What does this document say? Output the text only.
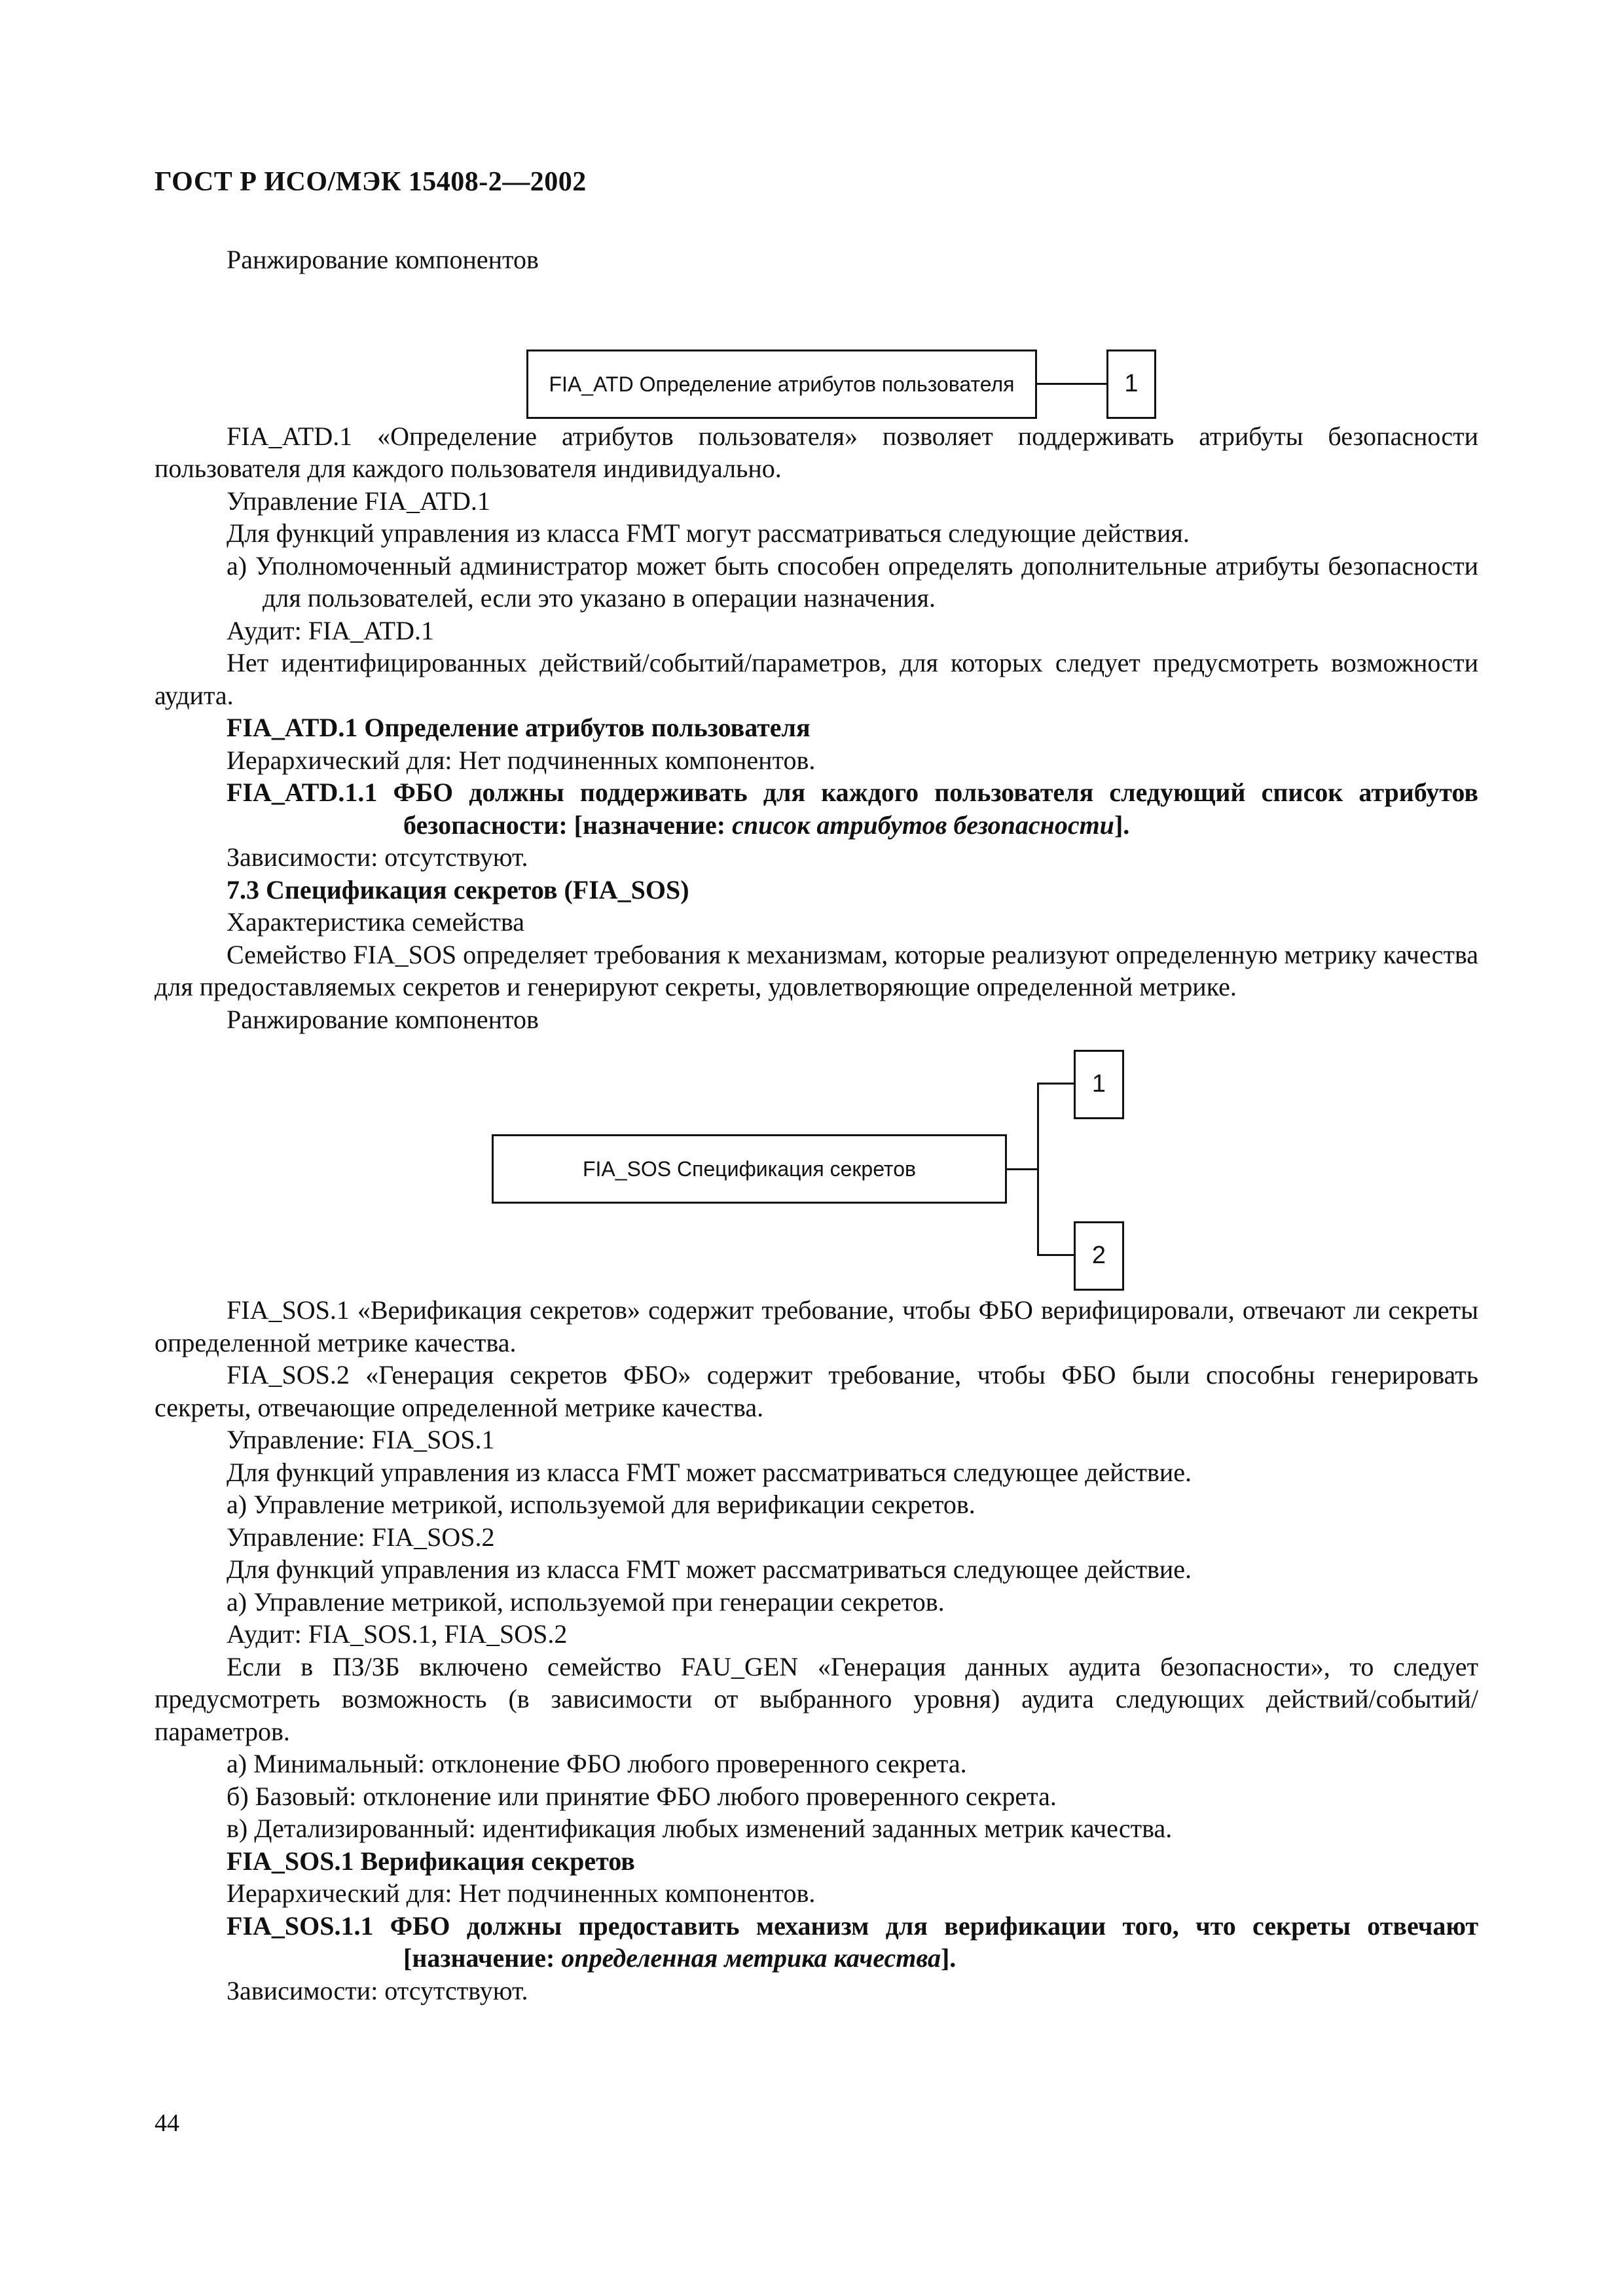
ГОСТ Р ИСО/МЭК 15408-2—2002

Ранжирование компонентов

FIA_ATD Определение атрибутов пользователя	1

FIA_ATD.1 «Определение атрибутов пользователя» позволяет поддерживать атрибуты безопасности пользователя для каждого пользователя индивидуально.

Управление FIA_ATD.1

Для функций управления из класса FMT могут рассматриваться следующие действия.

a) Уполномоченный администратор может быть способен определять дополнительные атрибуты безопасности для пользователей, если это указано в операции назначения.

Аудит: FIA_ATD.1

Нет идентифицированных действий/событий/параметров, для которых следует предусмотреть возможности аудита.

FIA_ATD.1 Определение атрибутов пользователя

Иерархический для: Нет подчиненных компонентов.

FIA_ATD.1.1 ФБО должны поддерживать для каждого пользователя следующий список атрибутов безопасности: [назначение: список атрибутов безопасности].

Зависимости: отсутствуют.

7.3 Спецификация секретов (FIA_SOS)

Характеристика семейства

Семейство FIA_SOS определяет требования к механизмам, которые реализуют определенную метрику качества для предоставляемых секретов и генерируют секреты, удовлетворяющие определенной метрике.

Ранжирование компонентов

FIA_SOS Спецификация секретов
1
2

FIA_SOS.1 «Верификация секретов» содержит требование, чтобы ФБО верифицировали, отвечают ли секреты определенной метрике качества.

FIA_SOS.2 «Генерация секретов ФБО» содержит требование, чтобы ФБО были способны генерировать секреты, отвечающие определенной метрике качества.

Управление: FIA_SOS.1

Для функций управления из класса FMT может рассматриваться следующее действие.

а) Управление метрикой, используемой для верификации секретов.

Управление: FIA_SOS.2

Для функций управления из класса FMT может рассматриваться следующее действие.

а) Управление метрикой, используемой при генерации секретов.

Аудит: FIA_SOS.1, FIA_SOS.2

Если в ПЗ/ЗБ включено семейство FAU_GEN «Генерация данных аудита безопасности», то следует предусмотреть возможность (в зависимости от выбранного уровня) аудита следующих действий/событий/параметров.

а) Минимальный: отклонение ФБО любого проверенного секрета.

б) Базовый: отклонение или принятие ФБО любого проверенного секрета.

в) Детализированный: идентификация любых изменений заданных метрик качества.

FIA_SOS.1 Верификация секретов

Иерархический для: Нет подчиненных компонентов.

FIA_SOS.1.1 ФБО должны предоставить механизм для верификации того, что секреты отвечают [назначение: определенная метрика качества].

Зависимости: отсутствуют.

44
